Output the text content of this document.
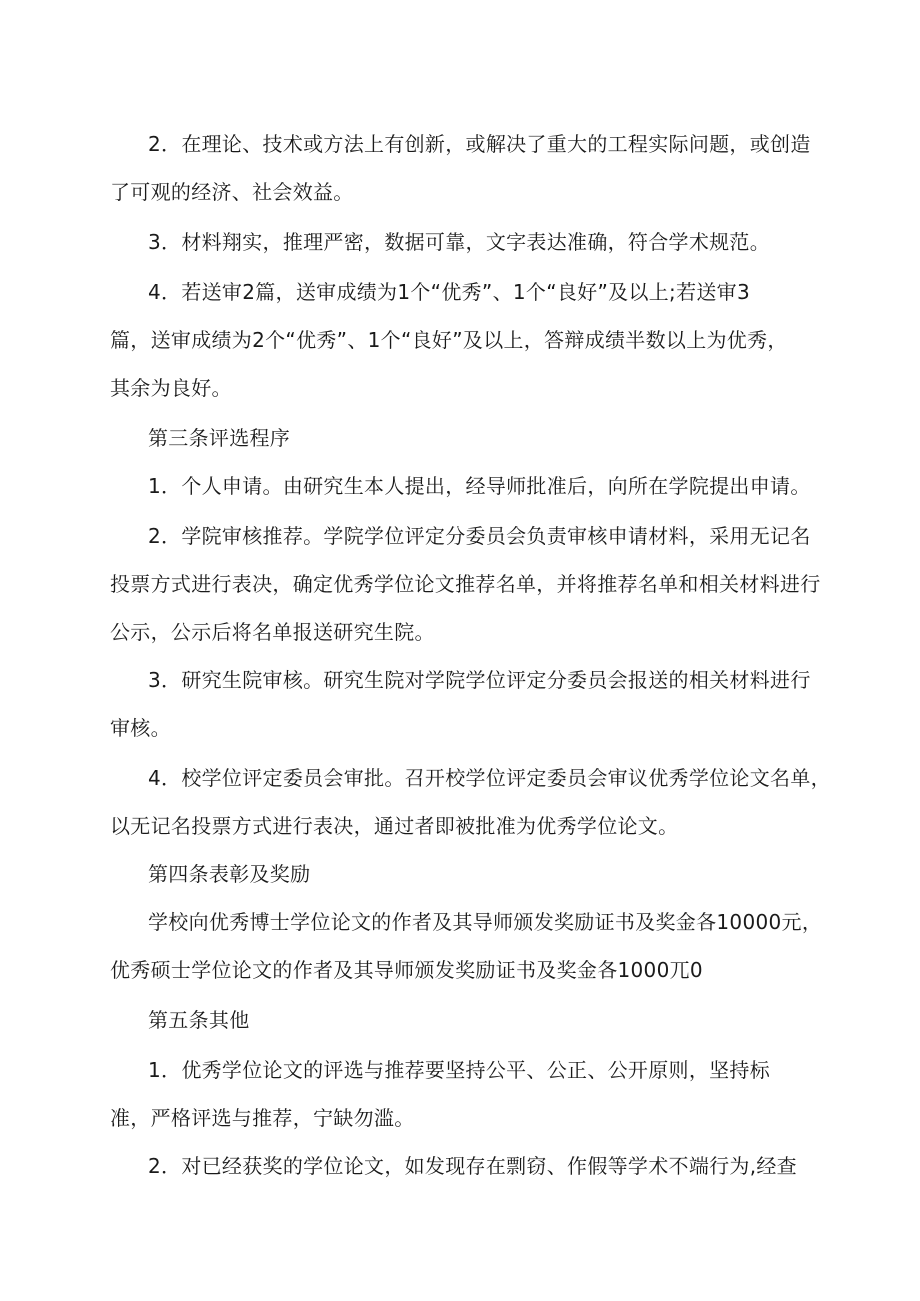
2．在理论、技术或方法上有创新，或解决了重大的工程实际问题，或创造
了可观的经济、社会效益。
3．材料翔实，推理严密，数据可靠，文字表达准确，符合学术规范。
4．若送审2篇，送审成绩为1个“优秀”、1个“良好”及以上;若送审3
篇，送审成绩为2个“优秀”、1个“良好”及以上，答辩成绩半数以上为优秀，
其余为良好。
第三条评选程序
1．个人申请。由研究生本人提出，经导师批准后，向所在学院提出申请。
2．学院审核推荐。学院学位评定分委员会负责审核申请材料，采用无记名
投票方式进行表决，确定优秀学位论文推荐名单，并将推荐名单和相关材料进行
公示，公示后将名单报送研究生院。
3．研究生院审核。研究生院对学院学位评定分委员会报送的相关材料进行
审核。
4．校学位评定委员会审批。召开校学位评定委员会审议优秀学位论文名单，
以无记名投票方式进行表决，通过者即被批准为优秀学位论文。
第四条表彰及奖励
学校向优秀博士学位论文的作者及其导师颁发奖励证书及奖金各10000元，
优秀硕士学位论文的作者及其导师颁发奖励证书及奖金各1000兀0
第五条其他
1．优秀学位论文的评选与推荐要坚持公平、公正、公开原则，坚持标
准，严格评选与推荐，宁缺勿滥。
2．对已经获奖的学位论文，如发现存在剽窃、作假等学术不端行为,经查
